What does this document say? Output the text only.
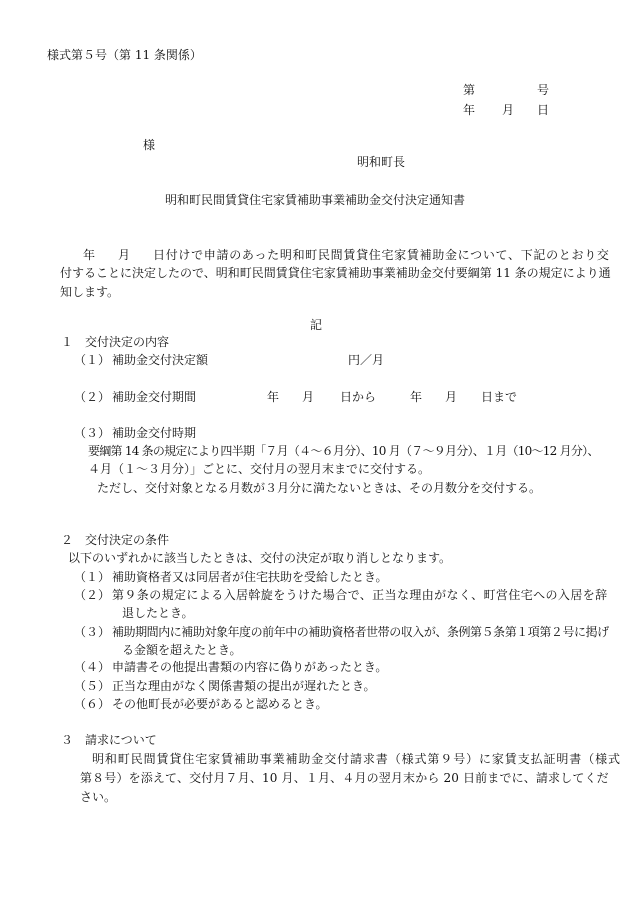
様式第５号（第 11 条関係）
第	号
年 月 日
様
明和町長
明和町民間賃貸住宅家賃補助事業補助金交付決定通知書
年 月 日付けで申請のあった明和町民間賃貸住宅家賃補助金について、下記のとおり交
付することに決定したので、明和町民間賃貸住宅家賃補助事業補助金交付要綱第 11 条の規定により通
知します。
記
１ 交付決定の内容
（１） 補助金交付決定額	円／月
（２） 補助金交付期間	年 月 日から	年 月 日まで
（３） 補助金交付時期
要綱第 14 条の規定により四半期「７月（４～６月分）、10 月（７～９月分）、１月（10～12 月分）、
４月（１～３月分）」ごとに、交付月の翌月末までに交付する。
ただし、交付対象となる月数が３月分に満たないときは、その月数分を交付する。
２ 交付決定の条件
以下のいずれかに該当したときは、交付の決定が取り消しとなります。
（１） 補助資格者又は同居者が住宅扶助を受給したとき。
（２） 第９条の規定による入居斡旋をうけた場合で、正当な理由がなく、町営住宅への入居を辞
退したとき。
（３） 補助期間内に補助対象年度の前年中の補助資格者世帯の収入が、条例第５条第１項第２号に掲げ
る金額を超えたとき。
（４） 申請書その他提出書類の内容に偽りがあったとき。
（５） 正当な理由がなく関係書類の提出が遅れたとき。
（６） その他町長が必要があると認めるとき。
３ 請求について
明和町民間賃貸住宅家賃補助事業補助金交付請求書（様式第９号）に家賃支払証明書（様式
第８号）を添えて、交付月７月、10 月、１月、４月の翌月末から 20 日前までに、請求してくだ
さい。
